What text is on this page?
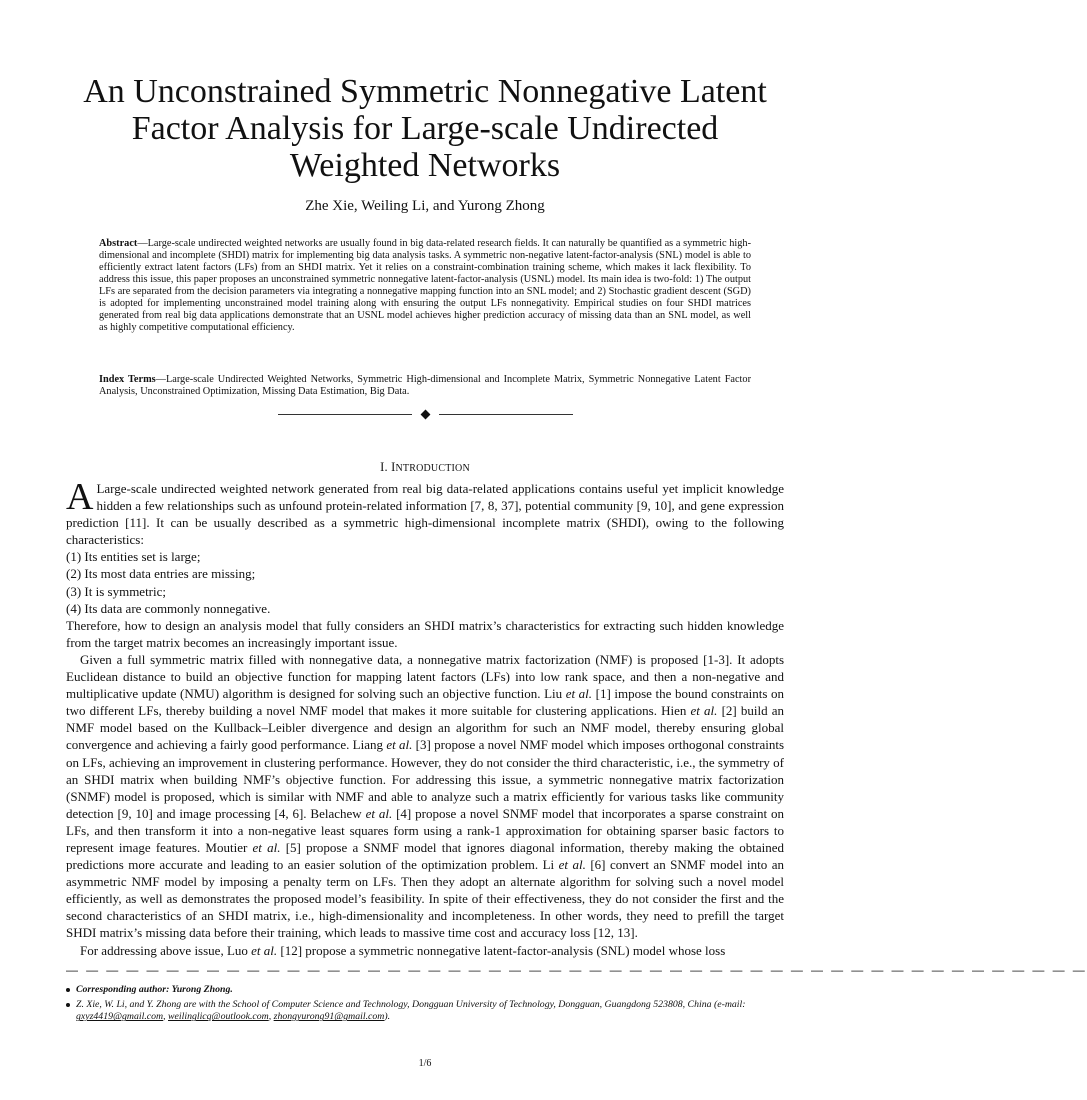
An Unconstrained Symmetric Nonnegative Latent Factor Analysis for Large-scale Undirected Weighted Networks
Zhe Xie, Weiling Li, and Yurong Zhong
Abstract—Large-scale undirected weighted networks are usually found in big data-related research fields. It can naturally be quantified as a symmetric high-dimensional and incomplete (SHDI) matrix for implementing big data analysis tasks. A symmetric non-negative latent-factor-analysis (SNL) model is able to efficiently extract latent factors (LFs) from an SHDI matrix. Yet it relies on a constraint-combination training scheme, which makes it lack flexibility. To address this issue, this paper proposes an unconstrained symmetric nonnegative latent-factor-analysis (USNL) model. Its main idea is two-fold: 1) The output LFs are separated from the decision parameters via integrating a nonnegative mapping function into an SNL model; and 2) Stochastic gradient descent (SGD) is adopted for implementing unconstrained model training along with ensuring the output LFs nonnegativity. Empirical studies on four SHDI matrices generated from real big data applications demonstrate that an USNL model achieves higher prediction accuracy of missing data than an SNL model, as well as highly competitive computational efficiency.
Index Terms—Large-scale Undirected Weighted Networks, Symmetric High-dimensional and Incomplete Matrix, Symmetric Nonnegative Latent Factor Analysis, Unconstrained Optimization, Missing Data Estimation, Big Data.
I. INTRODUCTION

A Large-scale undirected weighted network generated from real big data-related applications contains useful yet implicit knowledge hidden a few relationships such as unfound protein-related information [7, 8, 37], potential community [9, 10], and gene expression prediction [11]. It can be usually described as a symmetric high-dimensional incomplete matrix (SHDI), owing to the following characteristics:

(1) Its entities set is large;

(2) Its most data entries are missing;

(3) It is symmetric;

(4) Its data are commonly nonnegative.

Therefore, how to design an analysis model that fully considers an SHDI matrix’s characteristics for extracting such hidden knowledge from the target matrix becomes an increasingly important issue.

Given a full symmetric matrix filled with nonnegative data, a nonnegative matrix factorization (NMF) is proposed [1-3]. It adopts Euclidean distance to build an objective function for mapping latent factors (LFs) into low rank space, and then a non-negative and multiplicative update (NMU) algorithm is designed for solving such an objective function. Liu et al. [1] impose the bound constraints on two different LFs, thereby building a novel NMF model that makes it more suitable for clustering applications. Hien et al. [2] build an NMF model based on the Kullback–Leibler divergence and design an algorithm for such an NMF model, thereby ensuring global convergence and achieving a fairly good performance. Liang et al. [3] propose a novel NMF model which imposes orthogonal constraints on LFs, achieving an improvement in clustering performance. However, they do not consider the third characteristic, i.e., the symmetry of an SHDI matrix when building NMF’s objective function. For addressing this issue, a symmetric nonnegative matrix factorization (SNMF) model is proposed, which is similar with NMF and able to analyze such a matrix efficiently for various tasks like community detection [9, 10] and image processing [4, 6]. Belachew et al. [4] propose a novel SNMF model that incorporates a sparse constraint on LFs, and then transform it into a non-negative least squares form using a rank-1 approximation for obtaining sparser basic factors to represent image features. Moutier et al. [5] propose a SNMF model that ignores diagonal information, thereby making the obtained predictions more accurate and leading to an easier solution of the optimization problem. Li et al. [6] convert an SNMF model into an asymmetric NMF model by imposing a penalty term on LFs. Then they adopt an alternate algorithm for solving such a novel model efficiently, as well as demonstrates the proposed model’s feasibility. In spite of their effectiveness, they do not consider the first and the second characteristics of an SHDI matrix, i.e., high-dimensionality and incompleteness. In other words, they need to prefill the target SHDI matrix’s missing data before their training, which leads to massive time cost and accuracy loss [12, 13].

For addressing above issue, Luo et al. [12] propose a symmetric nonnegative latent-factor-analysis (SNL) model whose loss

— — — — — — — — — — — — — — — — — — — — — — — — — — — — — — — — — — — — — — — — — — — — — — — — — — —
Corresponding author: Yurong Zhong.
Z. Xie, W. Li, and Y. Zhong are with the School of Computer Science and Technology, Dongguan University of Technology, Dongguan, Guangdong 523808, China (e-mail: gxyz4419@gmail.com, weilinglicq@outlook.com, zhongyurong91@gmail.com).
1/6
